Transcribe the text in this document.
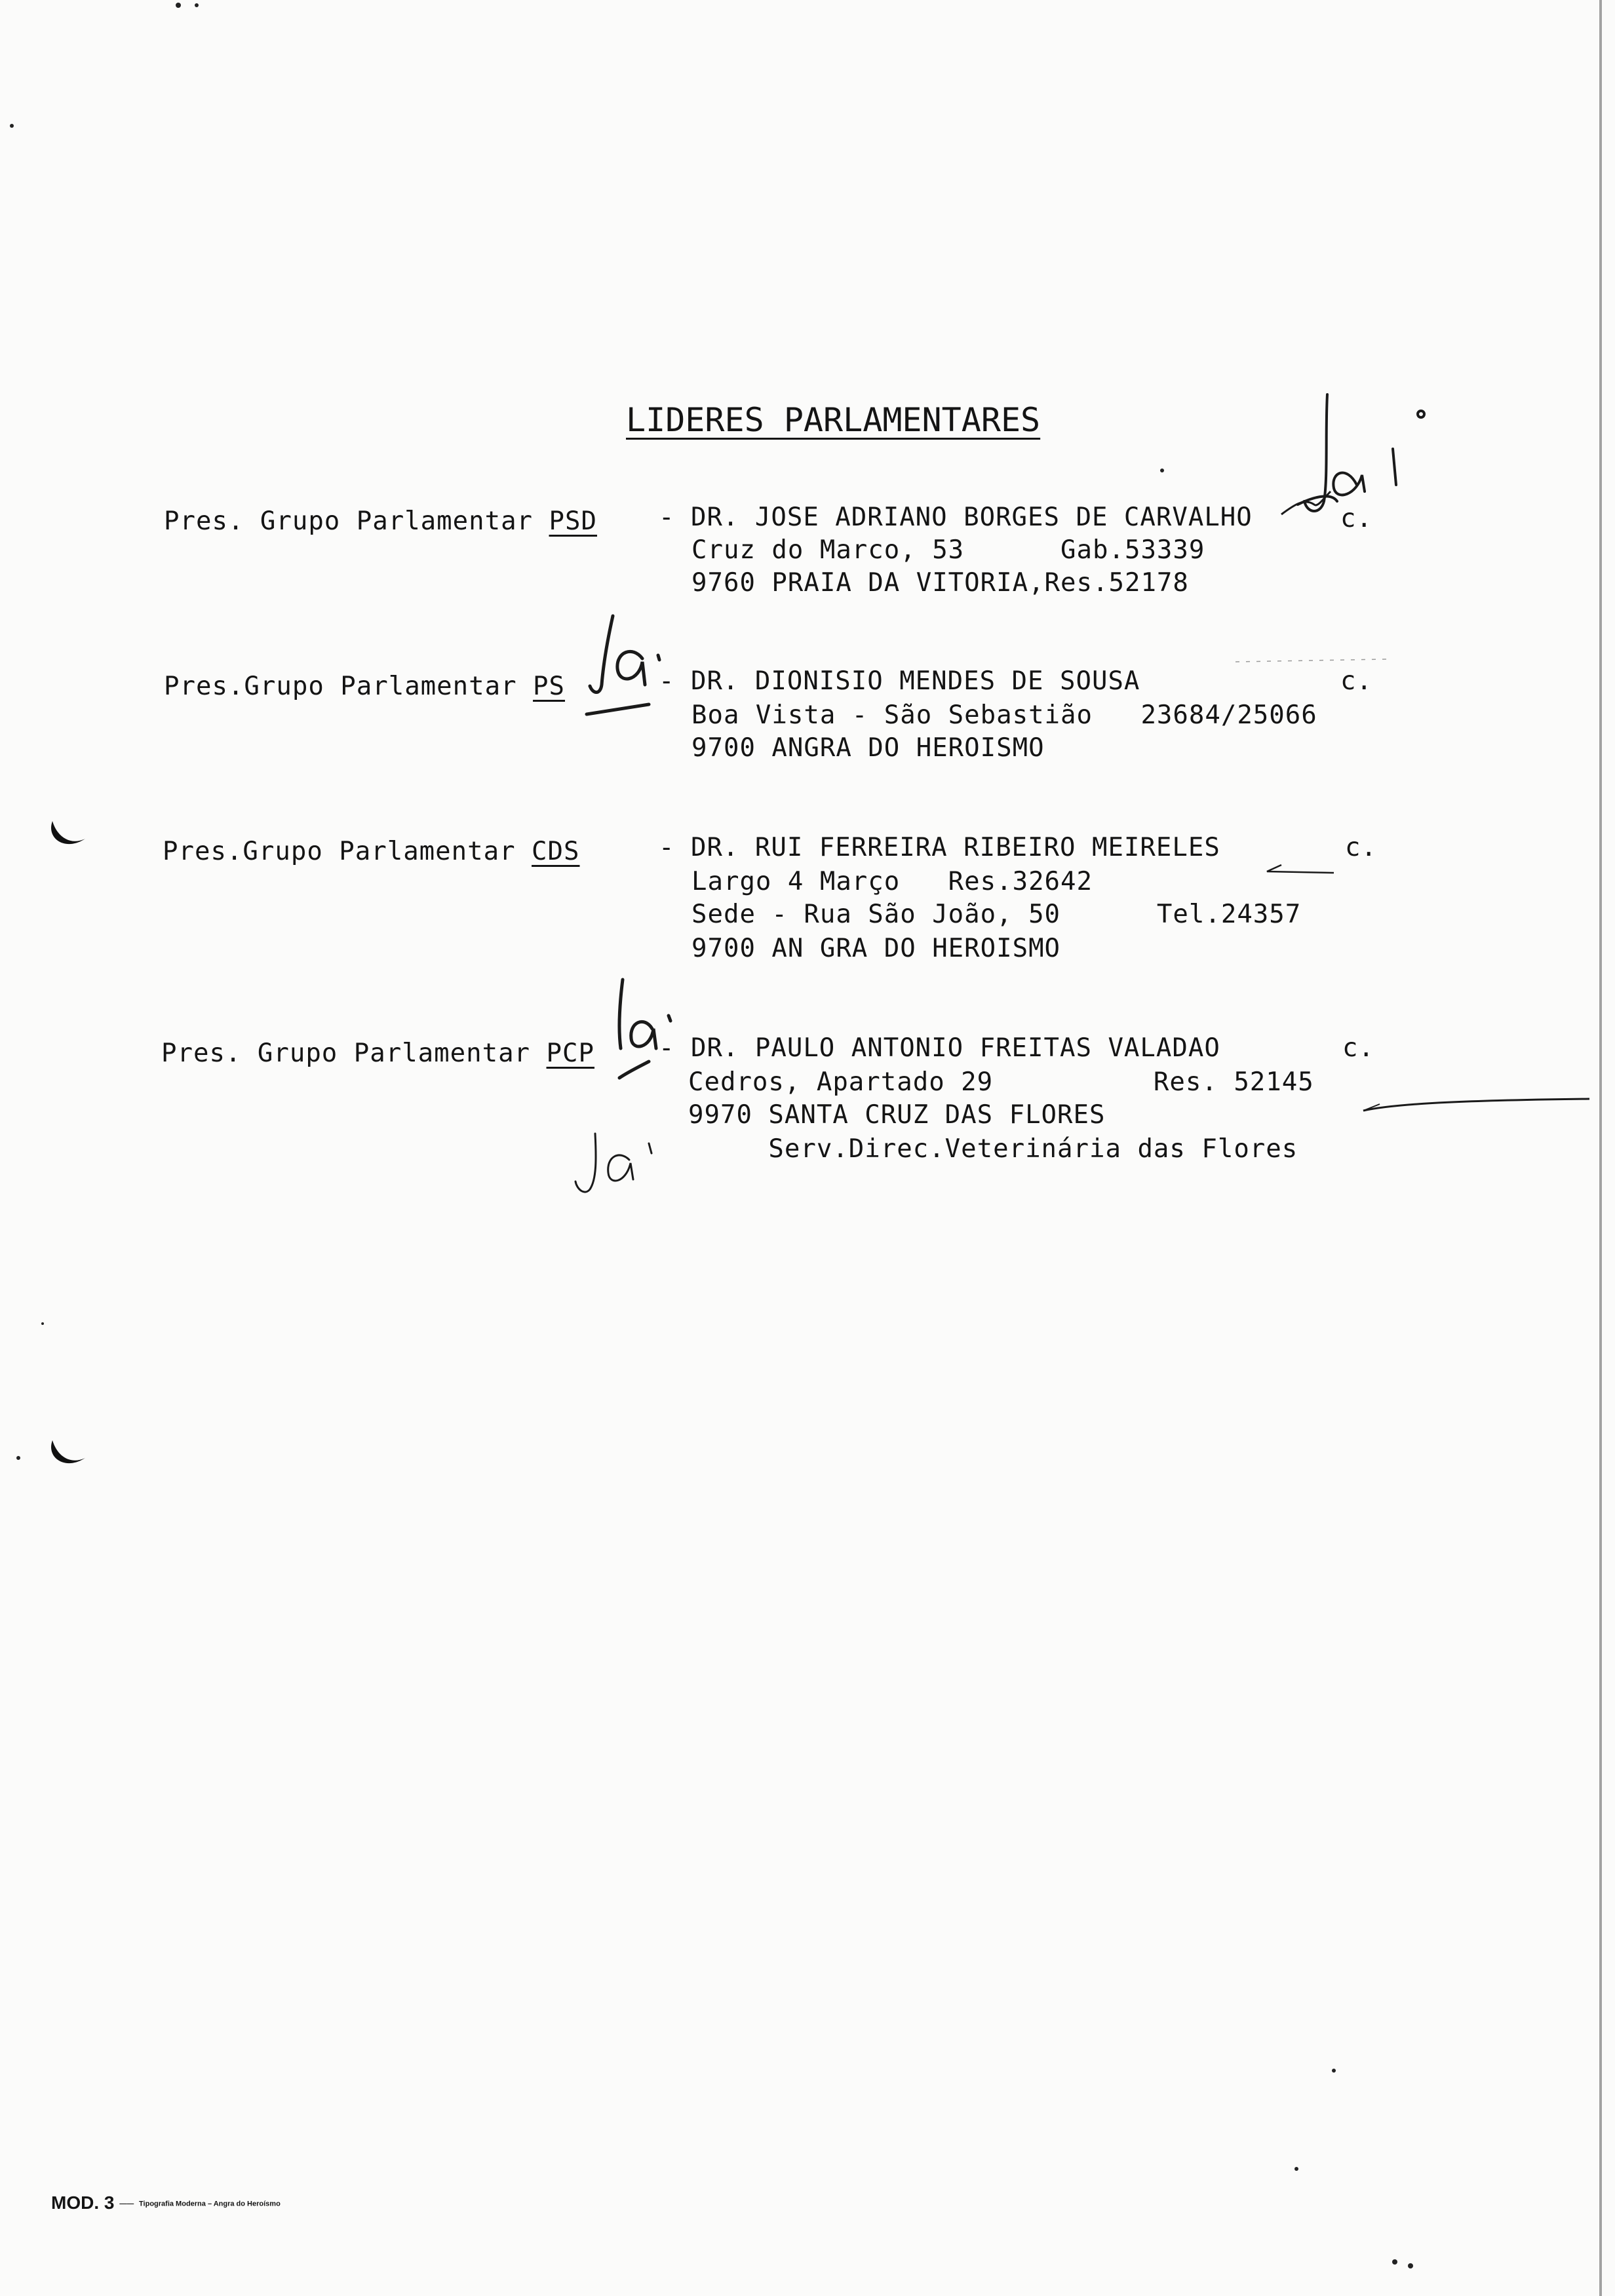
LIDERES PARLAMENTARES
Pres. Grupo Parlamentar PSD - DR. JOSE ADRIANO BORGES DE CARVALHO
Cruz do Marco, 53      Gab.53339
9760 PRAIA DA VITORIA,Res.52178
c.
Pres.Grupo Parlamentar PS	- DR. DIONISIO MENDES DE SOUSA
Boa Vista - São Sebastião   23684/25066
9700 ANGRA DO HEROISMO
c.
Pres.Grupo Parlamentar CDS	- DR. RUI FERREIRA RIBEIRO MEIRELES
Largo 4 Março   Res.32642
Sede - Rua São João, 50      Tel.24357
9700 AN GRA DO HEROISMO
c.
Pres. Grupo Parlamentar PCP	- DR. PAULO ANTONIO FREITAS VALADAO
Cedros, Apartado 29          Res. 52145
9970 SANTA CRUZ DAS FLORES
Serv.Direc.Veterinária das Flores
c.
MOD. 3 —— Tipografia Moderna – Angra do Heroísmo
